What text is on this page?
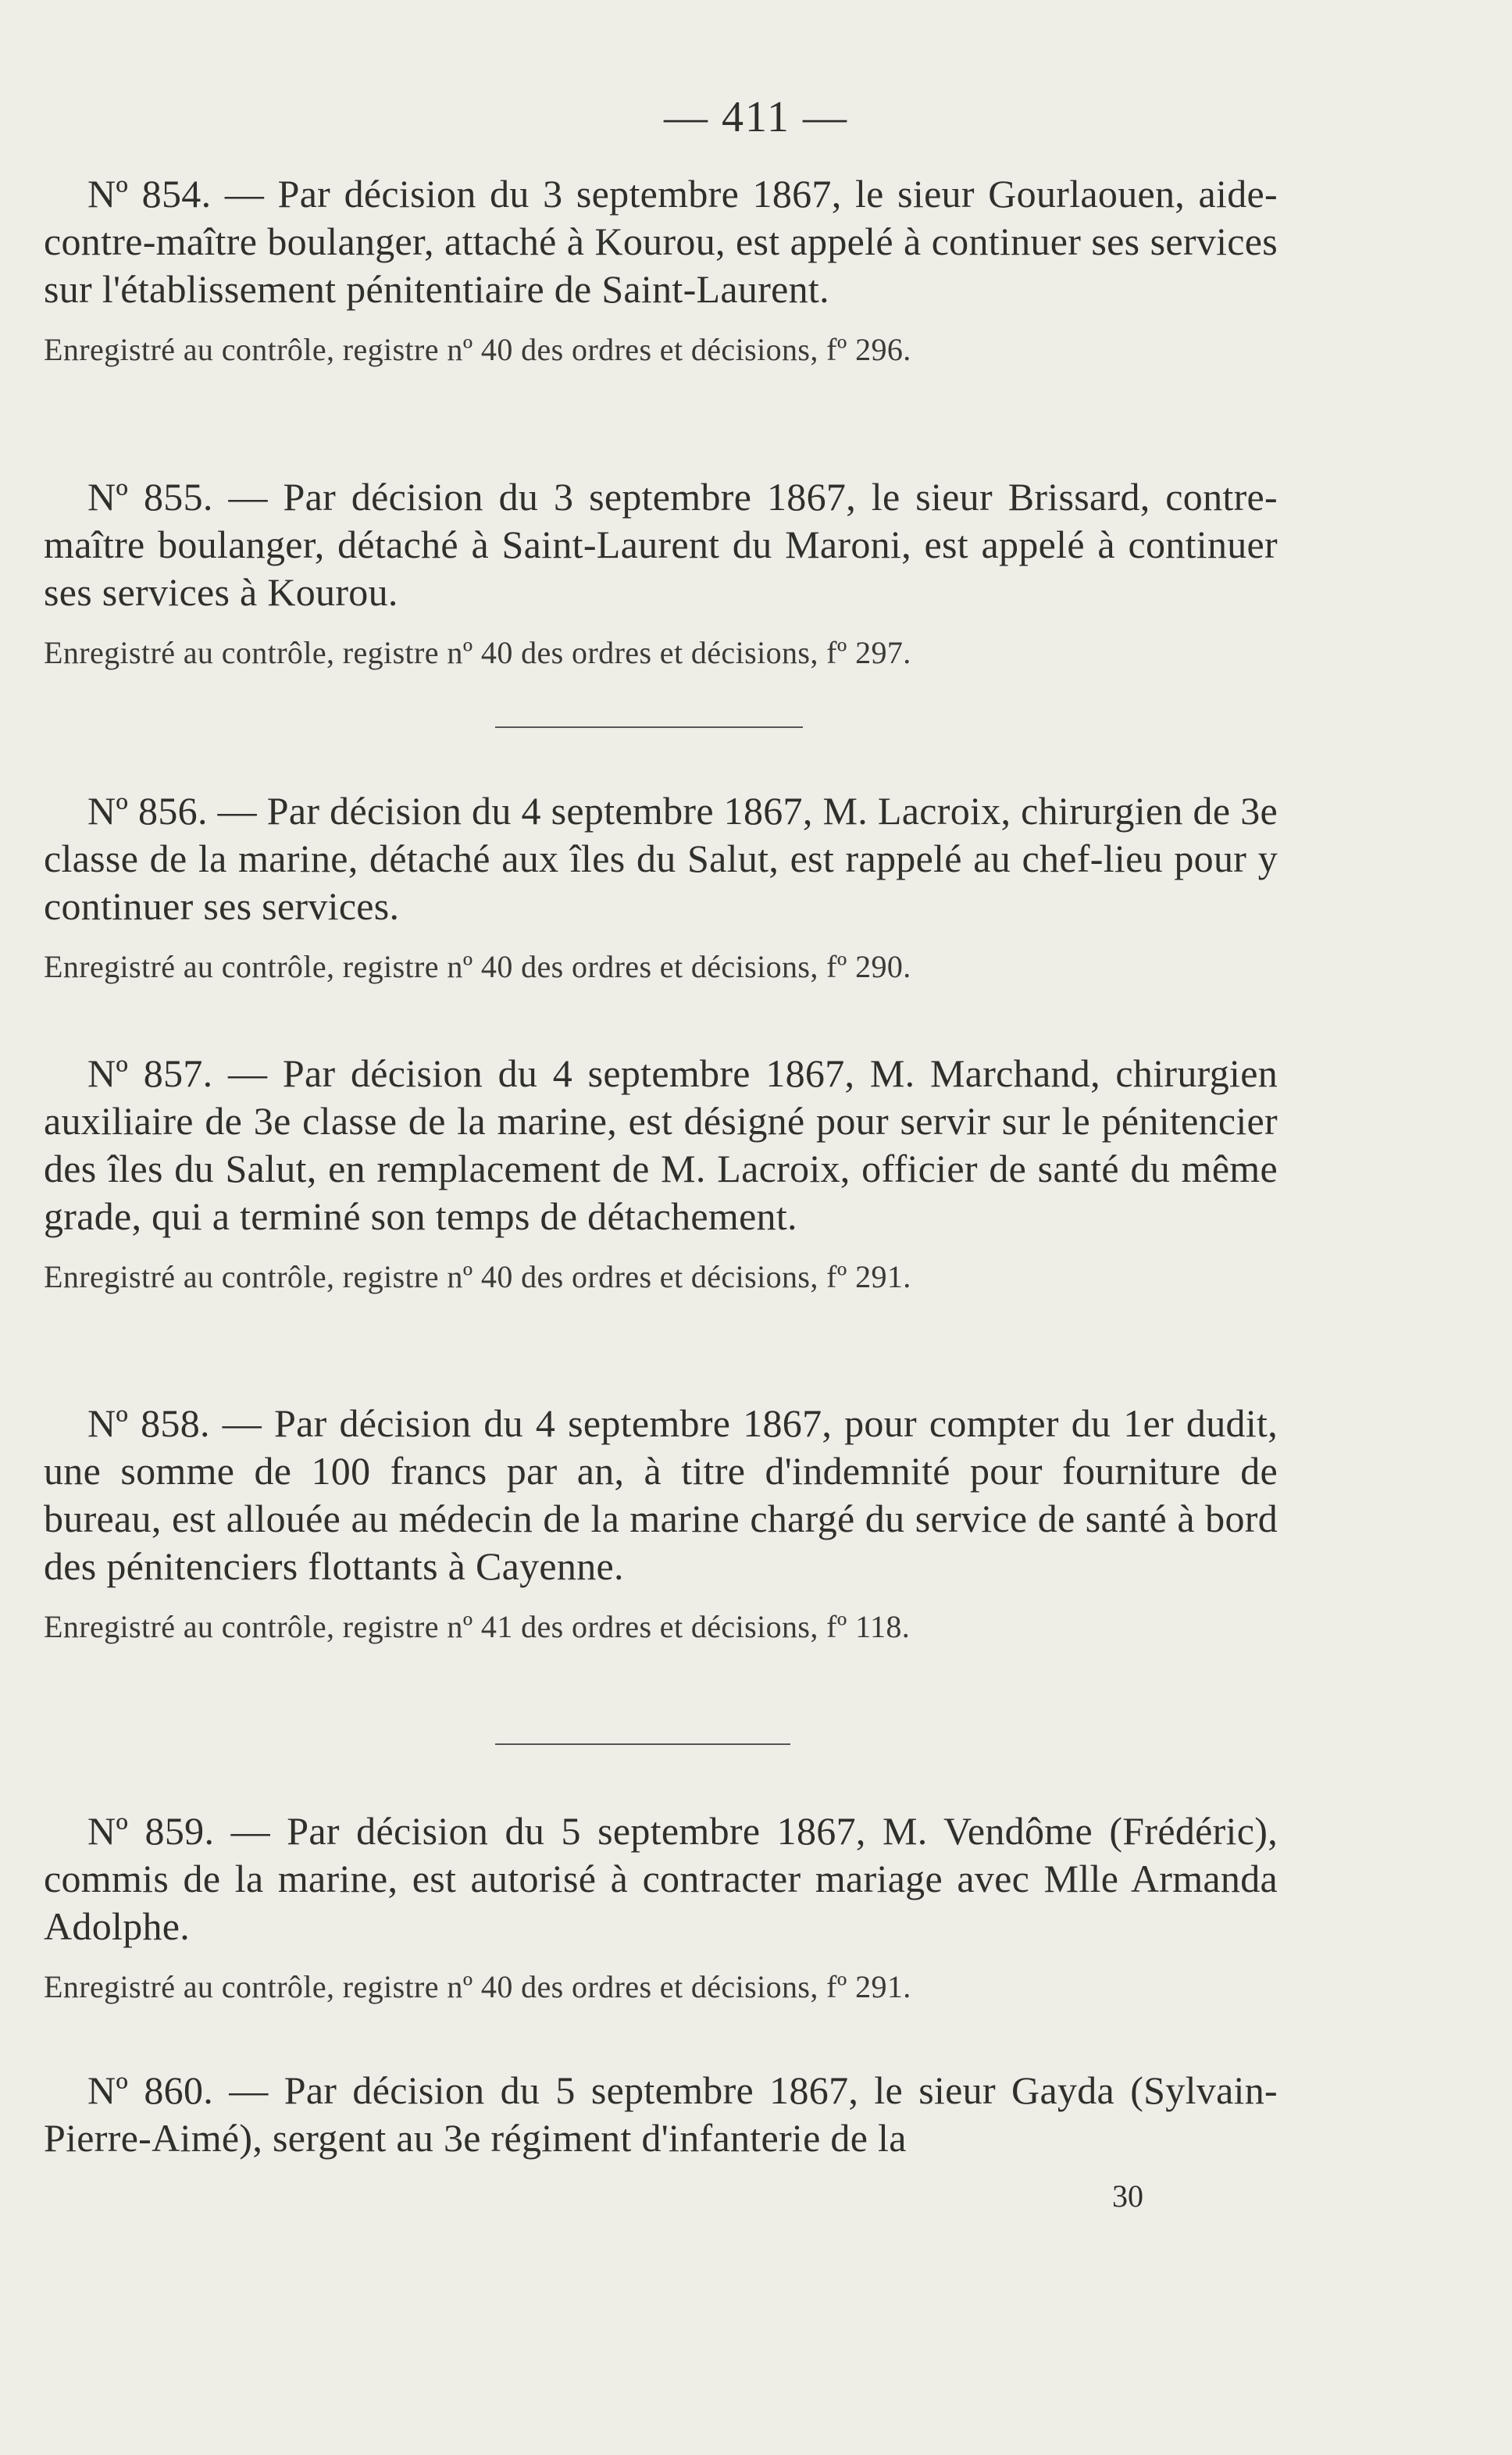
— 411 —

Nº 854. — Par décision du 3 septembre 1867, le sieur Gourlaouen, aide-contre-maître boulanger, attaché à Kourou, est appelé à continuer ses services sur l'établissement pénitentiaire de Saint-Laurent.

Enregistré au contrôle, registre nº 40 des ordres et décisions, fº 296.

Nº 855. — Par décision du 3 septembre 1867, le sieur Brissard, contre-maître boulanger, détaché à Saint-Laurent du Maroni, est appelé à continuer ses services à Kourou.

Enregistré au contrôle, registre nº 40 des ordres et décisions, fº 297.

Nº 856. — Par décision du 4 septembre 1867, M. Lacroix, chirurgien de 3e classe de la marine, détaché aux îles du Salut, est rappelé au chef-lieu pour y continuer ses services.

Enregistré au contrôle, registre nº 40 des ordres et décisions, fº 290.

Nº 857. — Par décision du 4 septembre 1867, M. Marchand, chirurgien auxiliaire de 3e classe de la marine, est désigné pour servir sur le pénitencier des îles du Salut, en remplacement de M. Lacroix, officier de santé du même grade, qui a terminé son temps de détachement.

Enregistré au contrôle, registre nº 40 des ordres et décisions, fº 291.

Nº 858. — Par décision du 4 septembre 1867, pour compter du 1er dudit, une somme de 100 francs par an, à titre d'indemnité pour fourniture de bureau, est allouée au médecin de la marine chargé du service de santé à bord des pénitenciers flottants à Cayenne.

Enregistré au contrôle, registre nº 41 des ordres et décisions, fº 118.

Nº 859. — Par décision du 5 septembre 1867, M. Vendôme (Frédéric), commis de la marine, est autorisé à contracter mariage avec Mlle Armanda Adolphe.

Enregistré au contrôle, registre nº 40 des ordres et décisions, fº 291.

Nº 860. — Par décision du 5 septembre 1867, le sieur Gayda (Sylvain-Pierre-Aimé), sergent au 3e régiment d'infanterie de la

30
